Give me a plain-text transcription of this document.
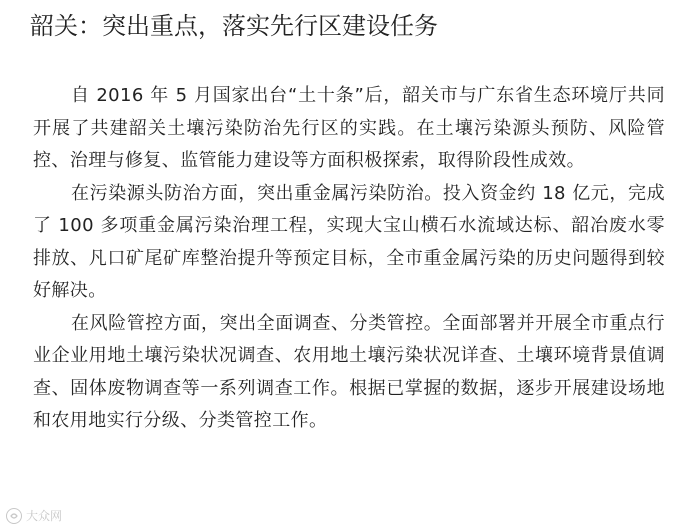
韶关：突出重点，落实先行区建设任务

自 2016 年 5 月国家出台“土十条”后，韶关市与广东省生态环境厅共同开展了共建韶关土壤污染防治先行区的实践。在土壤污染源头预防、风险管控、治理与修复、监管能力建设等方面积极探索，取得阶段性成效。

在污染源头防治方面，突出重金属污染防治。投入资金约 18 亿元，完成了 100 多项重金属污染治理工程，实现大宝山横石水流域达标、韶冶废水零排放、凡口矿尾矿库整治提升等预定目标，全市重金属污染的历史问题得到较好解决。

在风险管控方面，突出全面调查、分类管控。全面部署并开展全市重点行业企业用地土壤污染状况调查、农用地土壤污染状况详查、土壤环境背景值调查、固体废物调查等一系列调查工作。根据已掌握的数据，逐步开展建设场地和农用地实行分级、分类管控工作。

大众网
